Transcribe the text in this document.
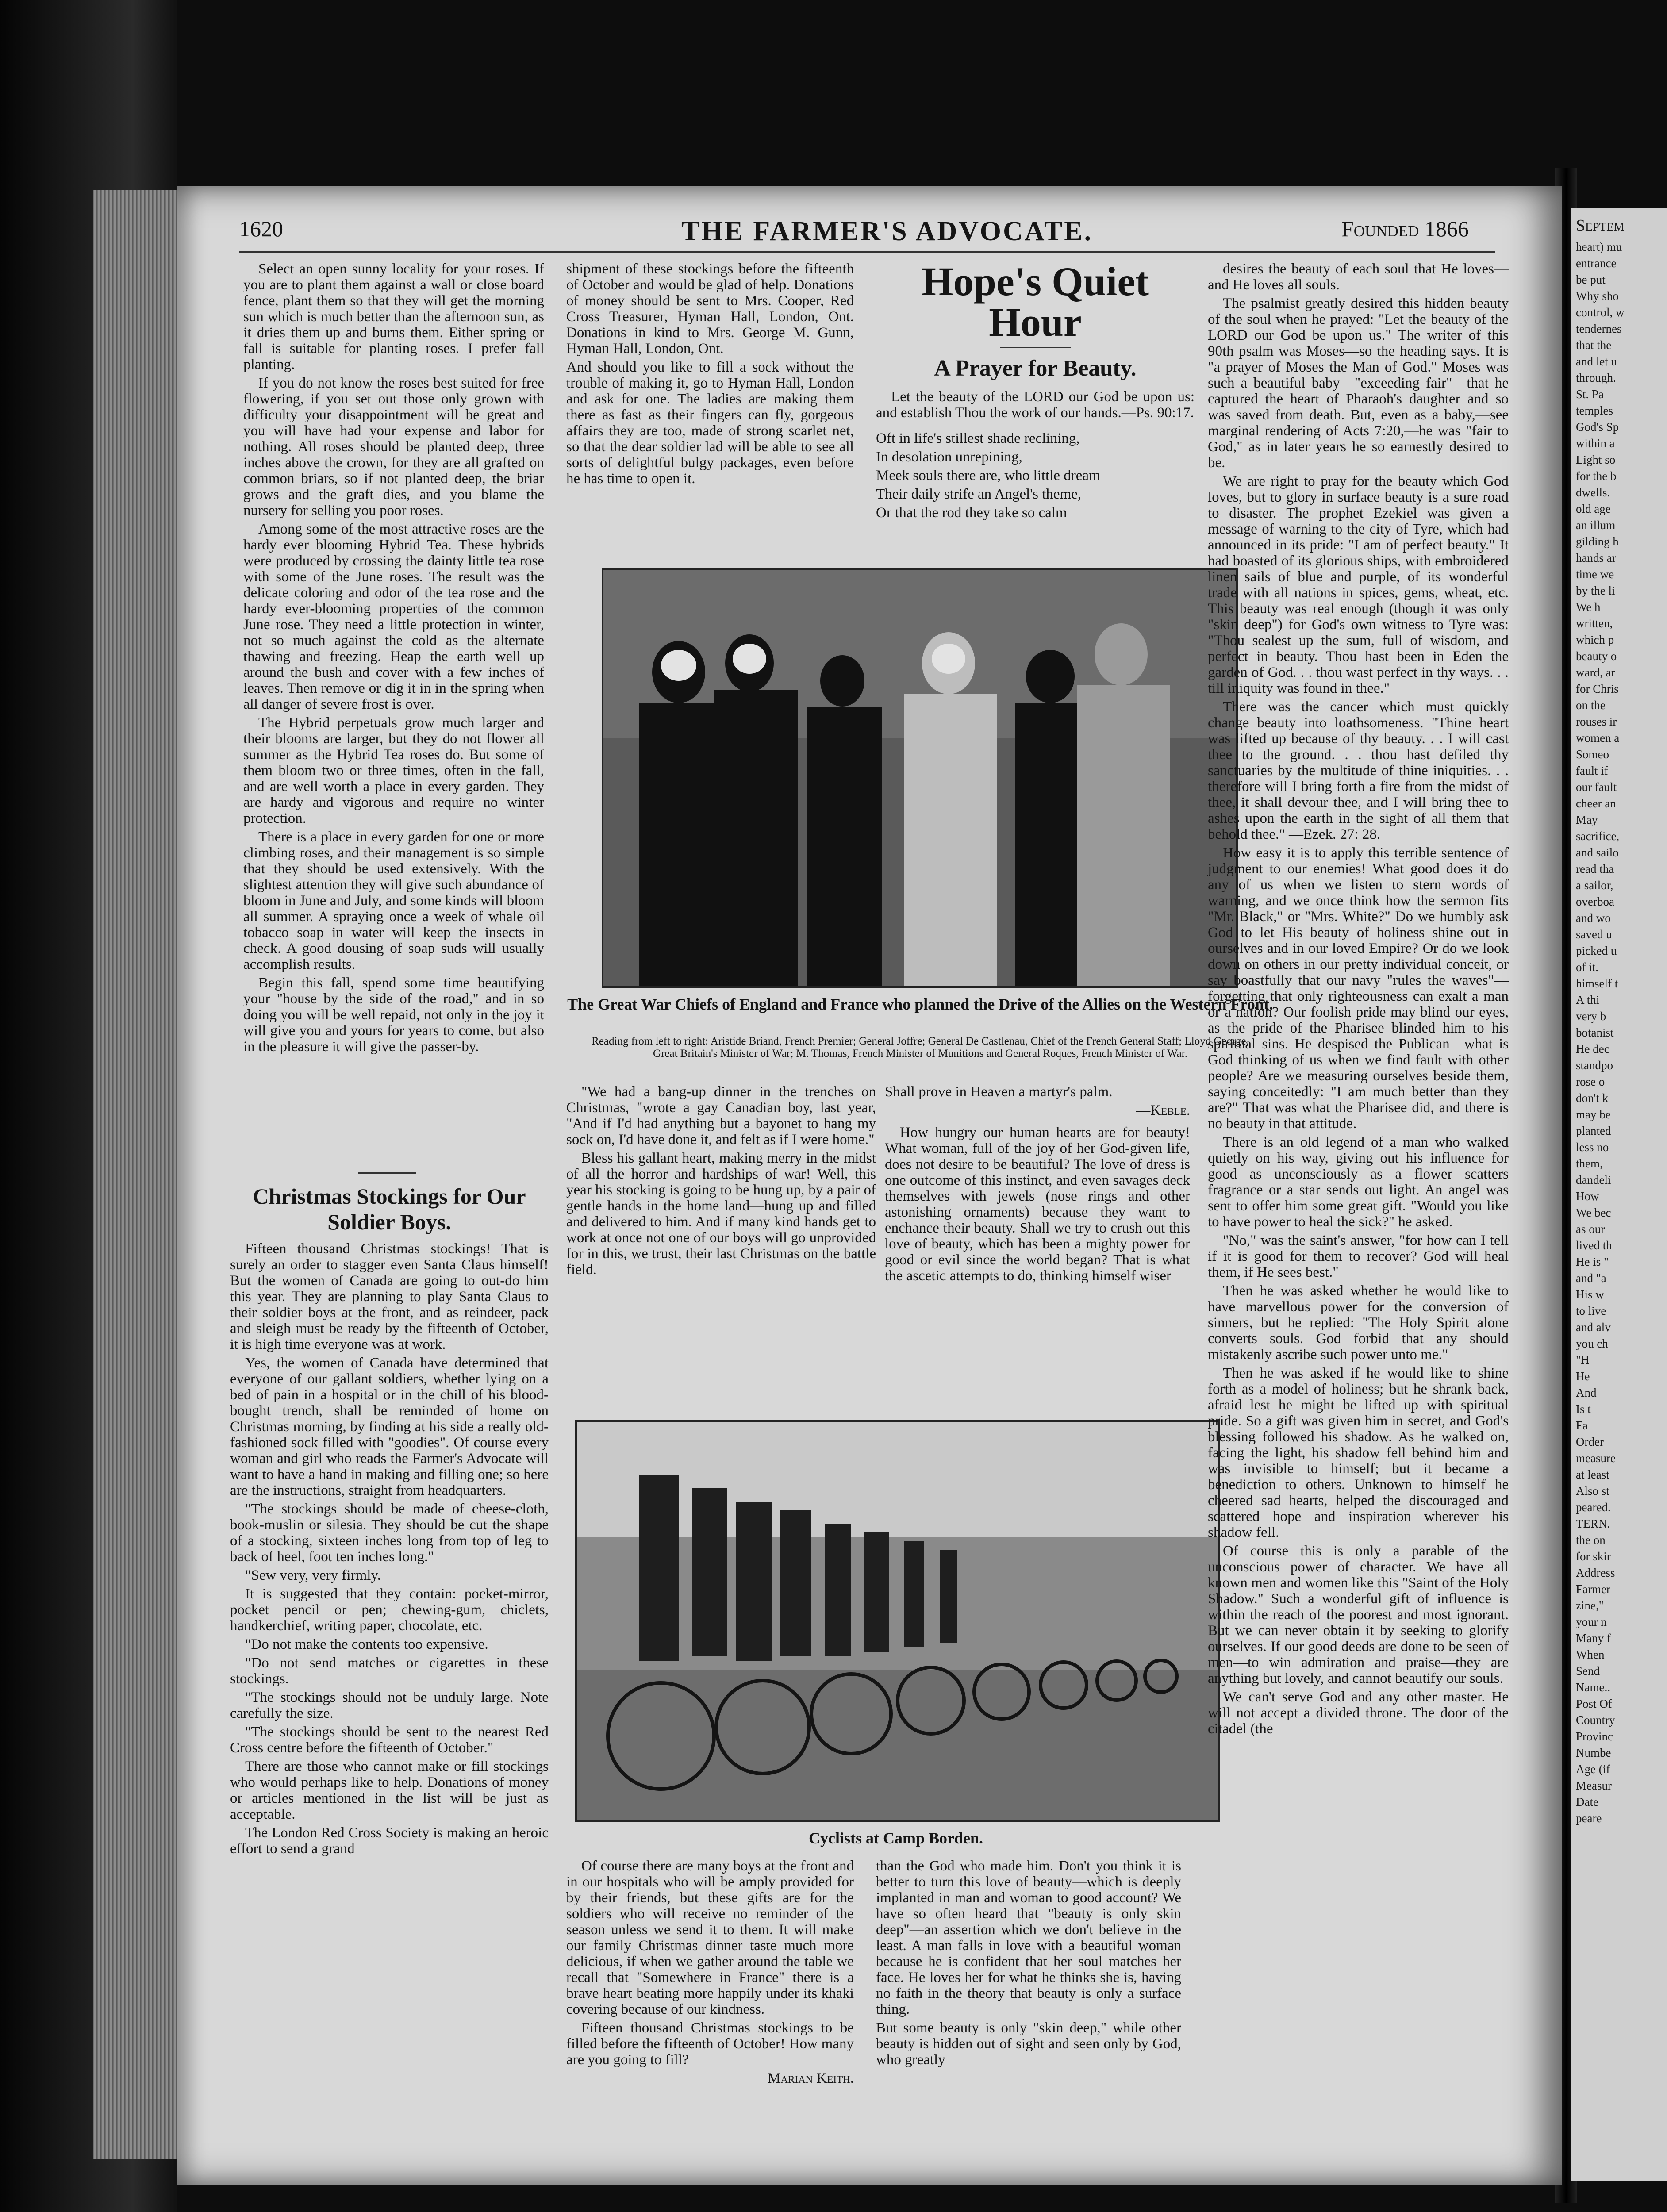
1620	THE FARMER'S ADVOCATE.	Founded 1866

Select an open sunny locality for your roses. If you are to plant them against a wall or close board fence, plant them so that they will get the morning sun which is much better than the afternoon sun, as it dries them up and burns them. Either spring or fall is suitable for planting roses. I prefer fall planting.

If you do not know the roses best suited for free flowering, if you set out those only grown with difficulty your disappointment will be great and you will have had your expense and labor for nothing. All roses should be planted deep, three inches above the crown, for they are all grafted on common briars, so if not planted deep, the briar grows and the graft dies, and you blame the nursery for selling you poor roses.

Among some of the most attractive roses are the hardy ever blooming Hybrid Tea. These hybrids were produced by crossing the dainty little tea rose with some of the June roses. The result was the delicate coloring and odor of the tea rose and the hardy ever-blooming properties of the common June rose. They need a little protection in winter, not so much against the cold as the alternate thawing and freezing. Heap the earth well up around the bush and cover with a few inches of leaves. Then remove or dig it in in the spring when all danger of severe frost is over.

The Hybrid perpetuals grow much larger and their blooms are larger, but they do not flower all summer as the Hybrid Tea roses do. But some of them bloom two or three times, often in the fall, and are well worth a place in every garden. They are hardy and vigorous and require no winter protection.

There is a place in every garden for one or more climbing roses, and their management is so simple that they should be used extensively. With the slightest attention they will give such abundance of bloom in June and July, and some kinds will bloom all summer. A spraying once a week of whale oil tobacco soap in water will keep the insects in check. A good dousing of soap suds will usually accomplish results.

Begin this fall, spend some time beautifying your "house by the side of the road," and in so doing you will be well repaid, not only in the joy it will give you and yours for years to come, but also in the pleasure it will give the passer-by.

Christmas Stockings for Our Soldier Boys.

Fifteen thousand Christmas stockings! That is surely an order to stagger even Santa Claus himself! But the women of Canada are going to out-do him this year. They are planning to play Santa Claus to their soldier boys at the front, and as reindeer, pack and sleigh must be ready by the fifteenth of October, it is high time everyone was at work.

Yes, the women of Canada have determined that everyone of our gallant soldiers, whether lying on a bed of pain in a hospital or in the chill of his blood-bought trench, shall be reminded of home on Christmas morning, by finding at his side a really old-fashioned sock filled with "goodies". Of course every woman and girl who reads the Farmer's Advocate will want to have a hand in making and filling one; so here are the instructions, straight from headquarters.

"The stockings should be made of cheese-cloth, book-muslin or silesia. They should be cut the shape of a stocking, sixteen inches long from top of leg to back of heel, foot ten inches long."

"Sew very, very firmly.

It is suggested that they contain: pocket-mirror, pocket pencil or pen; chewing-gum, chiclets, handkerchief, writing paper, chocolate, etc.

"Do not make the contents too expensive.

"Do not send matches or cigarettes in these stockings.

"The stockings should not be unduly large. Note carefully the size.

"The stockings should be sent to the nearest Red Cross centre before the fifteenth of October."

There are those who cannot make or fill stockings who would perhaps like to help. Donations of money or articles mentioned in the list will be just as acceptable.

The London Red Cross Society is making an heroic effort to send a grand

shipment of these stockings before the fifteenth of October and would be glad of help. Donations of money should be sent to Mrs. Cooper, Red Cross Treasurer, Hyman Hall, London, Ont. Donations in kind to Mrs. George M. Gunn, Hyman Hall, London, Ont.

And should you like to fill a sock without the trouble of making it, go to Hyman Hall, London and ask for one. The ladies are making them there as fast as their fingers can fly, gorgeous affairs they are too, made of strong scarlet net, so that the dear soldier lad will be able to see all sorts of delightful bulgy packages, even before he has time to open it.

The Great War Chiefs of England and France who planned the Drive of the Allies on the Western Front.
Reading from left to right: Aristide Briand, French Premier; General Joffre; General De Castlenau, Chief of the French General Staff; Lloyd George, Great Britain's Minister of War; M. Thomas, French Minister of Munitions and General Roques, French Minister of War.

"We had a bang-up dinner in the trenches on Christmas, "wrote a gay Canadian boy, last year, "And if I'd had anything but a bayonet to hang my sock on, I'd have done it, and felt as if I were home."

Bless his gallant heart, making merry in the midst of all the horror and hardships of war! Well, this year his stocking is going to be hung up, by a pair of gentle hands in the home land—hung up and filled and delivered to him. And if many kind hands get to work at once not one of our boys will go unprovided for in this, we trust, their last Christmas on the battle field.

Cyclists at Camp Borden.

Of course there are many boys at the front and in our hospitals who will be amply provided for by their friends, but these gifts are for the soldiers who will receive no reminder of the season unless we send it to them. It will make our family Christmas dinner taste much more delicious, if when we gather around the table we recall that "Somewhere in France" there is a brave heart beating more happily under its khaki covering because of our kindness.

Fifteen thousand Christmas stockings to be filled before the fifteenth of October! How many are you going to fill?

Marian Keith.

Hope's Quiet Hour
A Prayer for Beauty.

Let the beauty of the LORD our God be upon us: and establish Thou the work of our hands.—Ps. 90:17.

Oft in life's stillest shade reclining,

In desolation unrepining,

Meek souls there are, who little dream

Their daily strife an Angel's theme,

Or that the rod they take so calm

Shall prove in Heaven a martyr's palm.

—Keble.

How hungry our human hearts are for beauty! What woman, full of the joy of her God-given life, does not desire to be beautiful? The love of dress is one outcome of this instinct, and even savages deck themselves with jewels (nose rings and other astonishing ornaments) because they want to enchance their beauty. Shall we try to crush out this love of beauty, which has been a mighty power for good or evil since the world began? That is what the ascetic attempts to do, thinking himself wiser

than the God who made him. Don't you think it is better to turn this love of beauty—which is deeply implanted in man and woman to good account? We have so often heard that "beauty is only skin deep"—an assertion which we don't believe in the least. A man falls in love with a beautiful woman because he is confident that her soul matches her face. He loves her for what he thinks she is, having no faith in the theory that beauty is only a surface thing.

But some beauty is only "skin deep," while other beauty is hidden out of sight and seen only by God, who greatly

desires the beauty of each soul that He loves—and He loves all souls.

The psalmist greatly desired this hidden beauty of the soul when he prayed: "Let the beauty of the LORD our God be upon us." The writer of this 90th psalm was Moses—so the heading says. It is "a prayer of Moses the Man of God." Moses was such a beautiful baby—"exceeding fair"—that he captured the heart of Pharaoh's daughter and so was saved from death. But, even as a baby,—see marginal rendering of Acts 7:20,—he was "fair to God," as in later years he so earnestly desired to be.

We are right to pray for the beauty which God loves, but to glory in surface beauty is a sure road to disaster. The prophet Ezekiel was given a message of warning to the city of Tyre, which had announced in its pride: "I am of perfect beauty." It had boasted of its glorious ships, with embroidered linen sails of blue and purple, of its wonderful trade with all nations in spices, gems, wheat, etc. This beauty was real enough (though it was only "skin deep") for God's own witness to Tyre was: "Thou sealest up the sum, full of wisdom, and perfect in beauty. Thou hast been in Eden the garden of God. . . thou wast perfect in thy ways. . . till iniquity was found in thee."

There was the cancer which must quickly change beauty into loathsomeness. "Thine heart was lifted up because of thy beauty. . . I will cast thee to the ground. . . thou hast defiled thy sanctuaries by the multitude of thine iniquities. . . therefore will I bring forth a fire from the midst of thee, it shall devour thee, and I will bring thee to ashes upon the earth in the sight of all them that behold thee." —Ezek. 27: 28.

How easy it is to apply this terrible sentence of judgment to our enemies! What good does it do any of us when we listen to stern words of warning, and we once think how the sermon fits "Mr. Black," or "Mrs. White?" Do we humbly ask God to let His beauty of holiness shine out in ourselves and in our loved Empire? Or do we look down on others in our pretty individual conceit, or say boastfully that our navy "rules the waves"—forgetting that only righteousness can exalt a man or a nation? Our foolish pride may blind our eyes, as the pride of the Pharisee blinded him to his spiritual sins. He despised the Publican—what is God thinking of us when we find fault with other people? Are we measuring ourselves beside them, saying conceitedly: "I am much better than they are?" That was what the Pharisee did, and there is no beauty in that attitude.

There is an old legend of a man who walked quietly on his way, giving out his influence for good as unconsciously as a flower scatters fragrance or a star sends out light. An angel was sent to offer him some great gift. "Would you like to have power to heal the sick?" he asked.

"No," was the saint's answer, "for how can I tell if it is good for them to recover? God will heal them, if He sees best."

Then he was asked whether he would like to have marvellous power for the conversion of sinners, but he replied: "The Holy Spirit alone converts souls. God forbid that any should mistakenly ascribe such power unto me."

Then he was asked if he would like to shine forth as a model of holiness; but he shrank back, afraid lest he might be lifted up with spiritual pride. So a gift was given him in secret, and God's blessing followed his shadow. As he walked on, facing the light, his shadow fell behind him and was invisible to himself; but it became a benediction to others. Unknown to himself he cheered sad hearts, helped the discouraged and scattered hope and inspiration wherever his shadow fell.

Of course this is only a parable of the unconscious power of character. We have all known men and women like this "Saint of the Holy Shadow." Such a wonderful gift of influence is within the reach of the poorest and most ignorant. But we can never obtain it by seeking to glorify ourselves. If our good deeds are done to be seen of men—to win admiration and praise—they are anything but lovely, and cannot beautify our souls.

We can't serve God and any other master. He will not accept a divided throne. The door of the citadel (the

Septem
heart) mu
entrance
be put
Why sho
control, w
tendernes
that the
and let u
through.
St. Pa
temples
God's Sp
within a
Light so
for the b
dwells.
old age
an illum
gilding h
hands ar
time we
by the li
We h
written,
which p
beauty o
ward, ar
for Chris
on the
rouses ir
women a
Someo
fault if
our fault
cheer an
May
sacrifice,
and sailo
read tha
a sailor,
overboa
and wo
saved u
picked u
of it.
himself t
A thi
very b
botanist
He dec
standpo
rose o
don't k
may be
planted
less no
them,
dandeli
How
We bec
as our
lived th
He is "
and "a
His w
to live
and alv
you ch
"H
He
And
Is t
Fa
Order
measure
at least
Also st
peared.
TERN.
the on
for skir
Address
Farmer
zine,"
your n
Many f
When
Send
Name..
Post Of
Country
Provinc
Numbe
Age (if
Measur
Date
peare
